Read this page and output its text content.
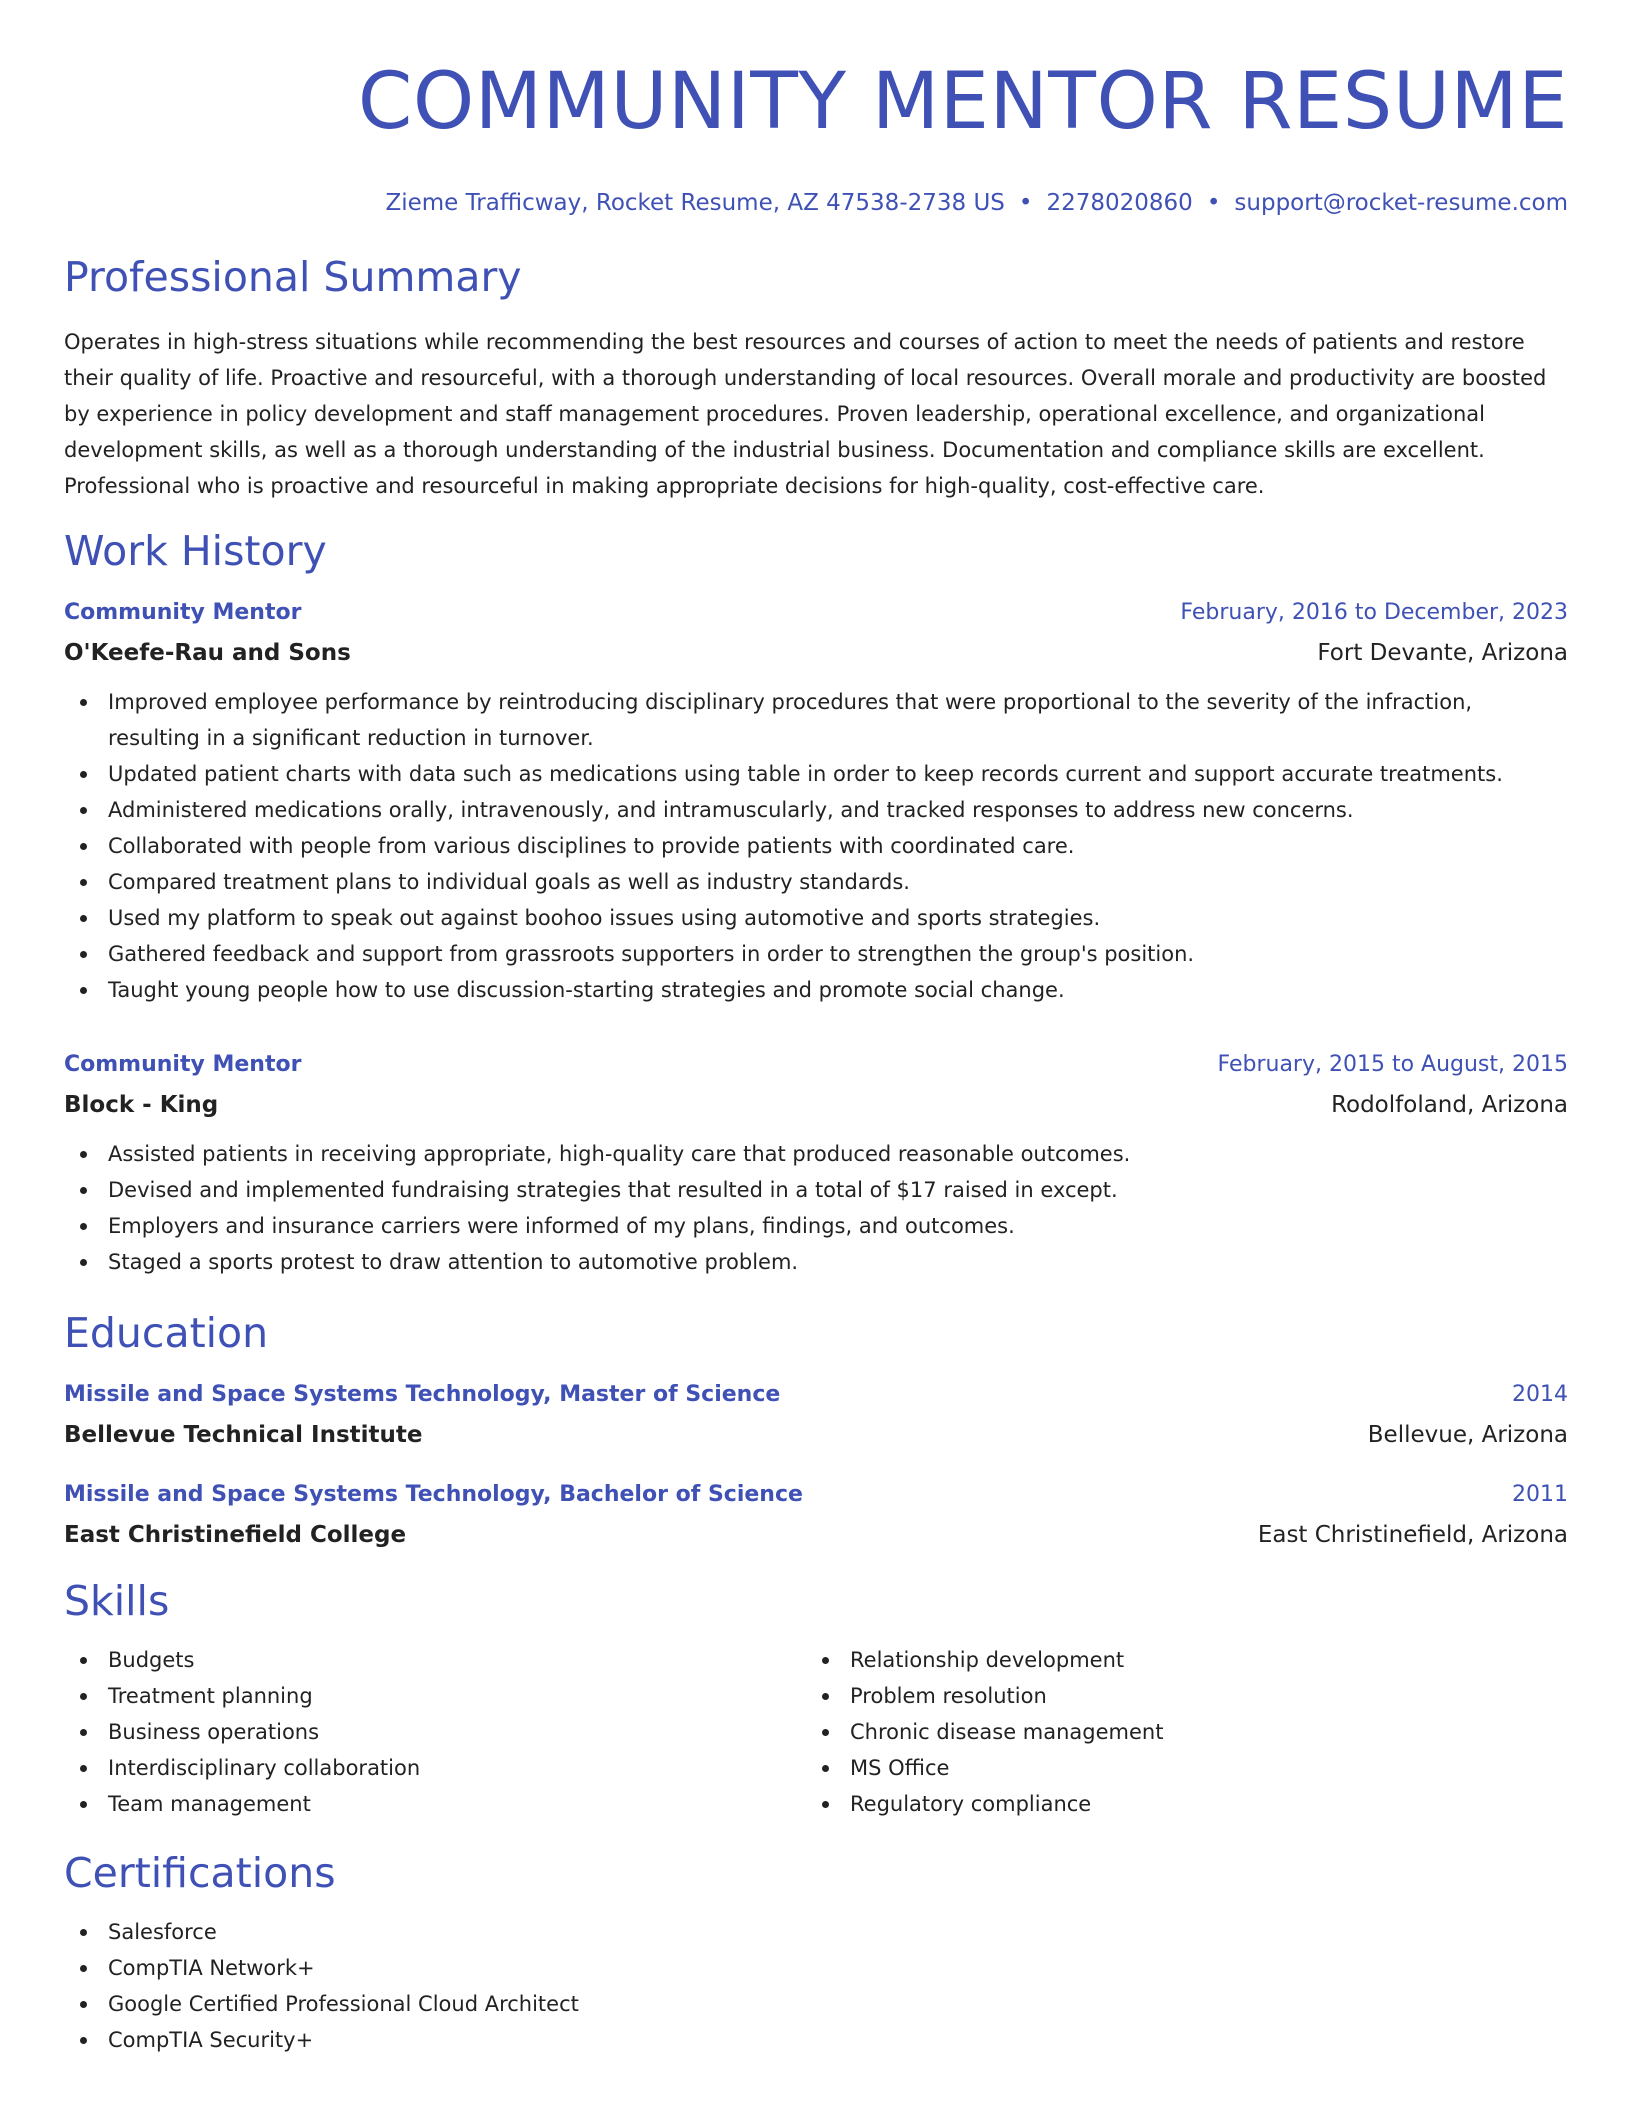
COMMUNITY MENTOR RESUME
Zieme Trafficway, Rocket Resume, AZ 47538-2738 US • 2278020860 • support@rocket-resume.com
Professional Summary

Operates in high-stress situations while recommending the best resources and courses of action to meet the needs of patients and restore their quality of life. Proactive and resourceful, with a thorough understanding of local resources. Overall morale and productivity are boosted by experience in policy development and staff management procedures. Proven leadership, operational excellence, and organizational development skills, as well as a thorough understanding of the industrial business. Documentation and compliance skills are excellent. Professional who is proactive and resourceful in making appropriate decisions for high-quality, cost-effective care.

Work History
Community Mentor	February, 2016 to December, 2023
O'Keefe-Rau and Sons	Fort Devante, Arizona
Improved employee performance by reintroducing disciplinary procedures that were proportional to the severity of the infraction, resulting in a significant reduction in turnover.
Updated patient charts with data such as medications using table in order to keep records current and support accurate treatments.
Administered medications orally, intravenously, and intramuscularly, and tracked responses to address new concerns.
Collaborated with people from various disciplines to provide patients with coordinated care.
Compared treatment plans to individual goals as well as industry standards.
Used my platform to speak out against boohoo issues using automotive and sports strategies.
Gathered feedback and support from grassroots supporters in order to strengthen the group's position.
Taught young people how to use discussion-starting strategies and promote social change.
Community Mentor	February, 2015 to August, 2015
Block - King	Rodolfoland, Arizona
Assisted patients in receiving appropriate, high-quality care that produced reasonable outcomes.
Devised and implemented fundraising strategies that resulted in a total of $17 raised in except.
Employers and insurance carriers were informed of my plans, findings, and outcomes.
Staged a sports protest to draw attention to automotive problem.
Education
Missile and Space Systems Technology, Master of Science	2014
Bellevue Technical Institute	Bellevue, Arizona
Missile and Space Systems Technology, Bachelor of Science	2011
East Christinefield College	East Christinefield, Arizona
Skills
Budgets
Treatment planning
Business operations
Interdisciplinary collaboration
Team management
Relationship development
Problem resolution
Chronic disease management
MS Office
Regulatory compliance
Certifications
Salesforce
CompTIA Network+
Google Certified Professional Cloud Architect
CompTIA Security+
